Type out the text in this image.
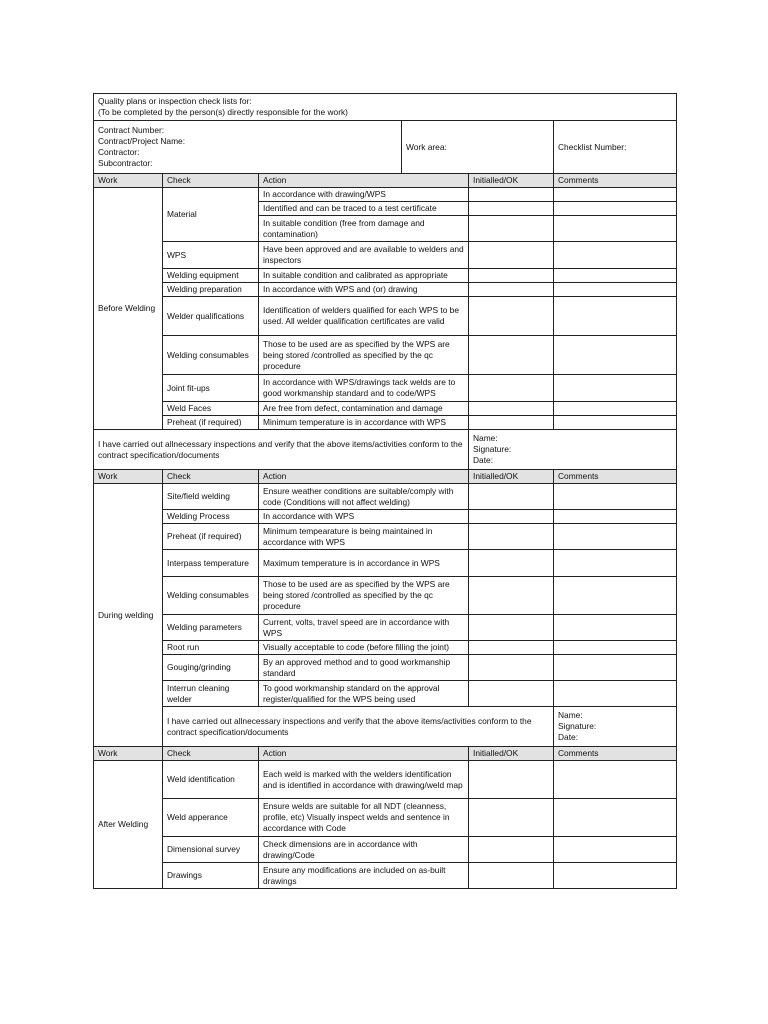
Quality plans or inspection check lists for:
(To be completed by the person(s) directly responsible for the work)					

Contract Number:
Contract/Project Name:
Contractor:
Subcontractor:			Work area:		Checklist Number:
Work	Check	Action		Initialled/OK	Comments
Before Welding	Material	In accordance with drawing/WPS			
		Identified and can be traced to a test certificate			
		In suitable condition (free from damage and contamination)			
	WPS	Have been approved and are available to welders and inspectors			
	Welding equipment	In suitable condition and calibrated as appropriate			
	Welding preparation	In accordance with WPS and (or) drawing			
	Welder qualifications	Identification of welders qualified for each WPS to be used. All welder qualification certificates are valid			
	Welding consumables	Those to be used are as specified by the WPS are being stored /controlled as specified by the qc procedure			
	Joint fit-ups	In accordance with WPS/drawings tack welds are to good workmanship standard and to code/WPS			
	Weld Faces	Are free from defect, contamination and damage			
	Preheat (if required)	Minimum temperature is in accordance with WPS			
I have carried out allnecessary inspections and verify that the above items/activities conform to the contract specification/documents				Name:
Signature:
Date:	

Work	Check	Action		Initialled/OK	Comments
During welding	Site/field welding	Ensure weather conditions are suitable/comply with code (Conditions will not affect welding)			
	Welding Process	In accordance with WPS			
	Preheat (if required)	Minimum tempearature is being maintained in accordance with WPS			
	Interpass temperature	Maximum temperature is in accordance in WPS			
	Welding consumables	Those to be used are as specified by the WPS are being stored /controlled as specified by the qc procedure			
	Welding parameters	Current, volts, travel speed are in accordance with WPS			
	Root run	Visually acceptable to code (before filling the joint)			
	Gouging/grinding	By an approved method and to good workmanship standard			
	Interrun cleaning welder	To good workmanship standard on the approval register/qualified for the WPS being used			
	I have carried out allnecessary inspections and verify that the above items/activities conform to the contract specification/documents				Name:
Signature:
Date:

Work	Check	Action		Initialled/OK	Comments
After Welding	Weld identification	Each weld is marked with the welders identification and is identified in accordance with drawing/weld map			
	Weld apperance	Ensure welds are suitable for all NDT (cleanness, profile, etc) Visually inspect welds and sentence in accordance with Code			
	Dimensional survey	Check dimensions are in accordance with drawing/Code			
	Drawings	Ensure any modifications are included on as-built drawings			
